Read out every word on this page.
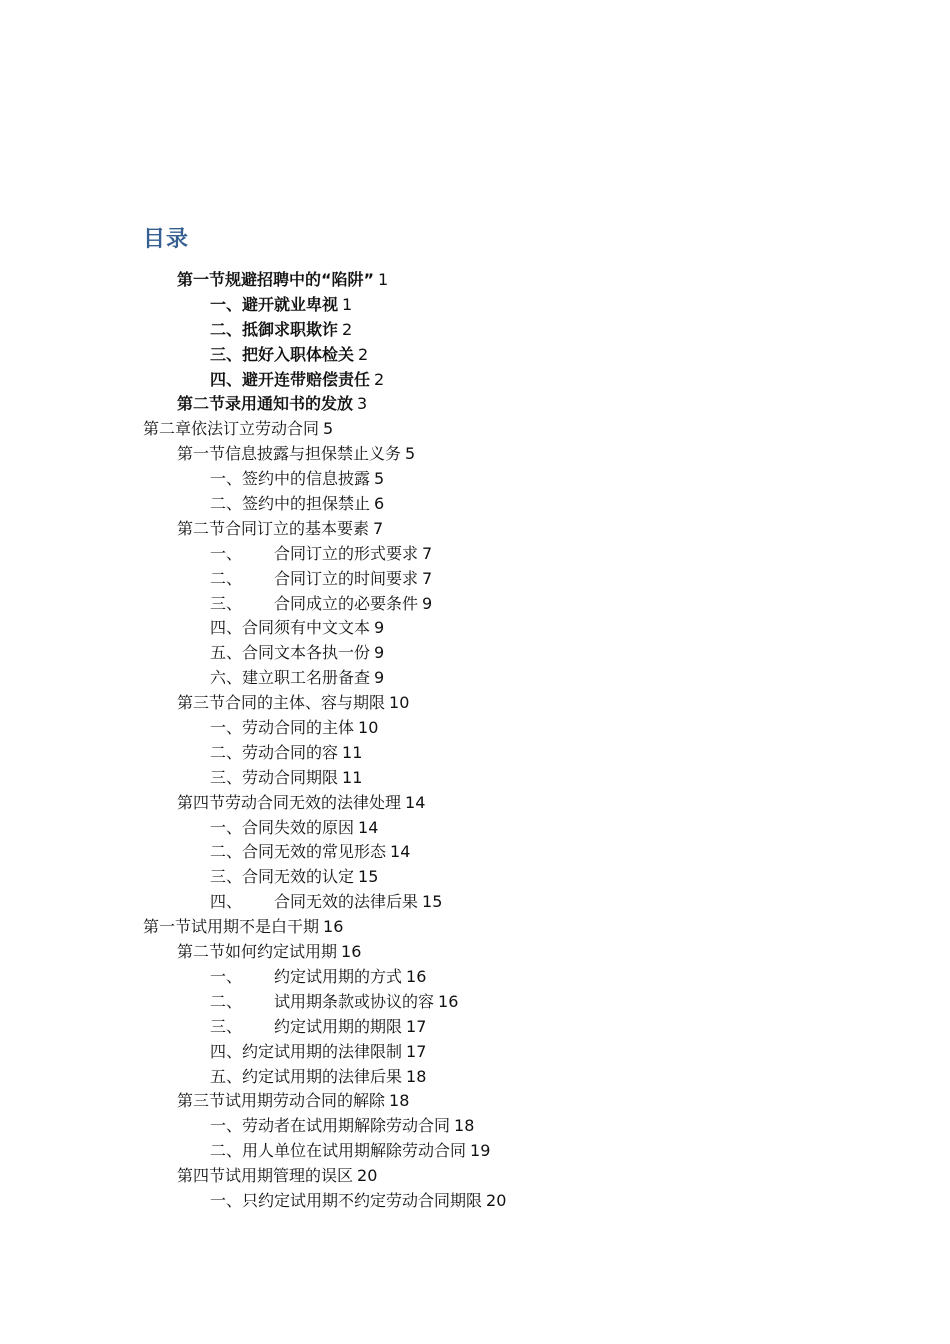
目录
第一节规避招聘中的“陷阱” 1
一、避开就业卑视 1
二、抵御求职欺诈 2
三、把好入职体检关 2
四、避开连带赔偿责任 2
第二节录用通知书的发放 3
第二章依法订立劳动合同 5
第一节信息披露与担保禁止义务 5
一、签约中的信息披露 5
二、签约中的担保禁止 6
第二节合同订立的基本要素 7
一、 合同订立的形式要求 7
二、 合同订立的时间要求 7
三、 合同成立的必要条件 9
四、合同须有中文文本 9
五、合同文本各执一份 9
六、建立职工名册备查 9
第三节合同的主体、容与期限 10
一、劳动合同的主体 10
二、劳动合同的容 11
三、劳动合同期限 11
第四节劳动合同无效的法律处理 14
一、合同失效的原因 14
二、合同无效的常见形态 14
三、合同无效的认定 15
四、 合同无效的法律后果 15
第一节试用期不是白干期 16
第二节如何约定试用期 16
一、 约定试用期的方式 16
二、 试用期条款或协议的容 16
三、 约定试用期的期限 17
四、约定试用期的法律限制 17
五、约定试用期的法律后果 18
第三节试用期劳动合同的解除 18
一、劳动者在试用期解除劳动合同 18
二、用人单位在试用期解除劳动合同 19
第四节试用期管理的误区 20
一、只约定试用期不约定劳动合同期限 20
